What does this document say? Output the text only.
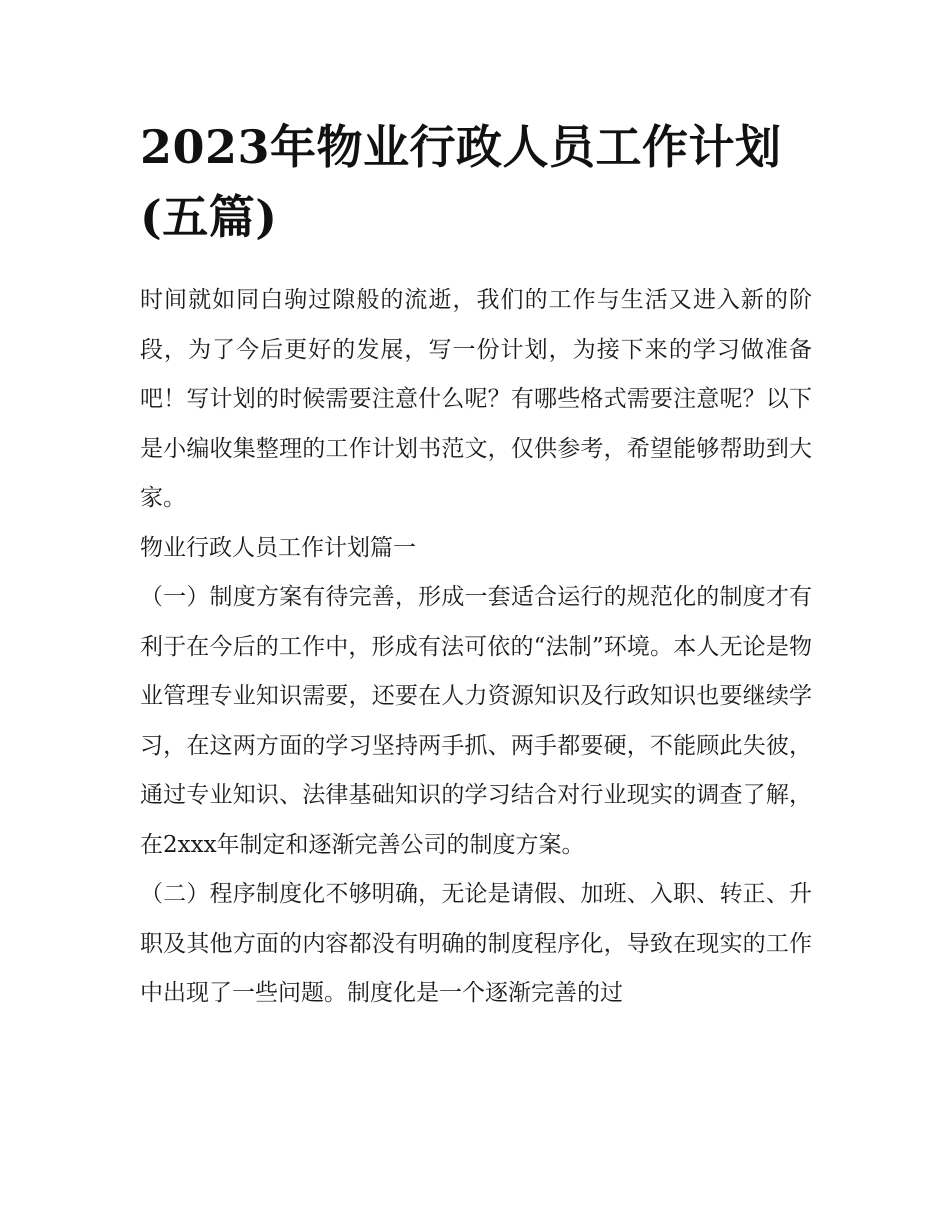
2023年物业行政人员工作计划(五篇)

时间就如同白驹过隙般的流逝，我们的工作与生活又进入新的阶段，为了今后更好的发展，写一份计划，为接下来的学习做准备吧！写计划的时候需要注意什么呢？有哪些格式需要注意呢？以下是小编收集整理的工作计划书范文，仅供参考，希望能够帮助到大家。

物业行政人员工作计划篇一

（一）制度方案有待完善，形成一套适合运行的规范化的制度才有利于在今后的工作中，形成有法可依的“法制”环境。本人无论是物业管理专业知识需要，还要在人力资源知识及行政知识也要继续学习，在这两方面的学习坚持两手抓、两手都要硬，不能顾此失彼，通过专业知识、法律基础知识的学习结合对行业现实的调查了解，在2xxx年制定和逐渐完善公司的制度方案。

（二）程序制度化不够明确，无论是请假、加班、入职、转正、升职及其他方面的内容都没有明确的制度程序化，导致在现实的工作中出现了一些问题。制度化是一个逐渐完善的过
